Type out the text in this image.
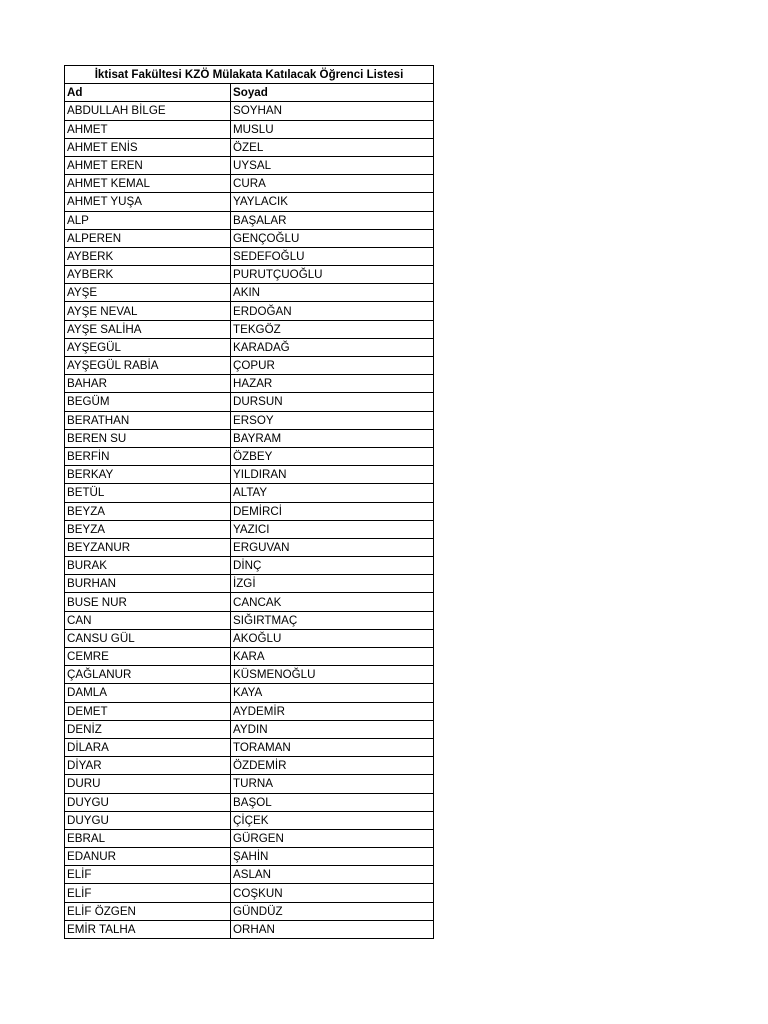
İktisat Fakültesi KZÖ Mülakata Katılacak Öğrenci Listesi	
Ad	Soyad
ABDULLAH BİLGE	SOYHAN
AHMET	MUSLU
AHMET ENİS	ÖZEL
AHMET EREN	UYSAL
AHMET KEMAL	CURA
AHMET YUŞA	YAYLACIK
ALP	BAŞALAR
ALPEREN	GENÇOĞLU
AYBERK	SEDEFOĞLU
AYBERK	PURUTÇUOĞLU
AYŞE	AKIN
AYŞE NEVAL	ERDOĞAN
AYŞE SALİHA	TEKGÖZ
AYŞEGÜL	KARADAĞ
AYŞEGÜL RABİA	ÇOPUR
BAHAR	HAZAR
BEGÜM	DURSUN
BERATHAN	ERSOY
BEREN SU	BAYRAM
BERFİN	ÖZBEY
BERKAY	YILDIRAN
BETÜL	ALTAY
BEYZA	DEMİRCİ
BEYZA	YAZICI
BEYZANUR	ERGUVAN
BURAK	DİNÇ
BURHAN	İZGİ
BUSE NUR	CANCAK
CAN	SIĞIRTMAÇ
CANSU GÜL	AKOĞLU
CEMRE	KARA
ÇAĞLANUR	KÜSMENOĞLU
DAMLA	KAYA
DEMET	AYDEMİR
DENİZ	AYDIN
DİLARA	TORAMAN
DİYAR	ÖZDEMİR
DURU	TURNA
DUYGU	BAŞOL
DUYGU	ÇİÇEK
EBRAL	GÜRGEN
EDANUR	ŞAHİN
ELİF	ASLAN
ELİF	COŞKUN
ELİF ÖZGEN	GÜNDÜZ
EMİR TALHA	ORHAN
